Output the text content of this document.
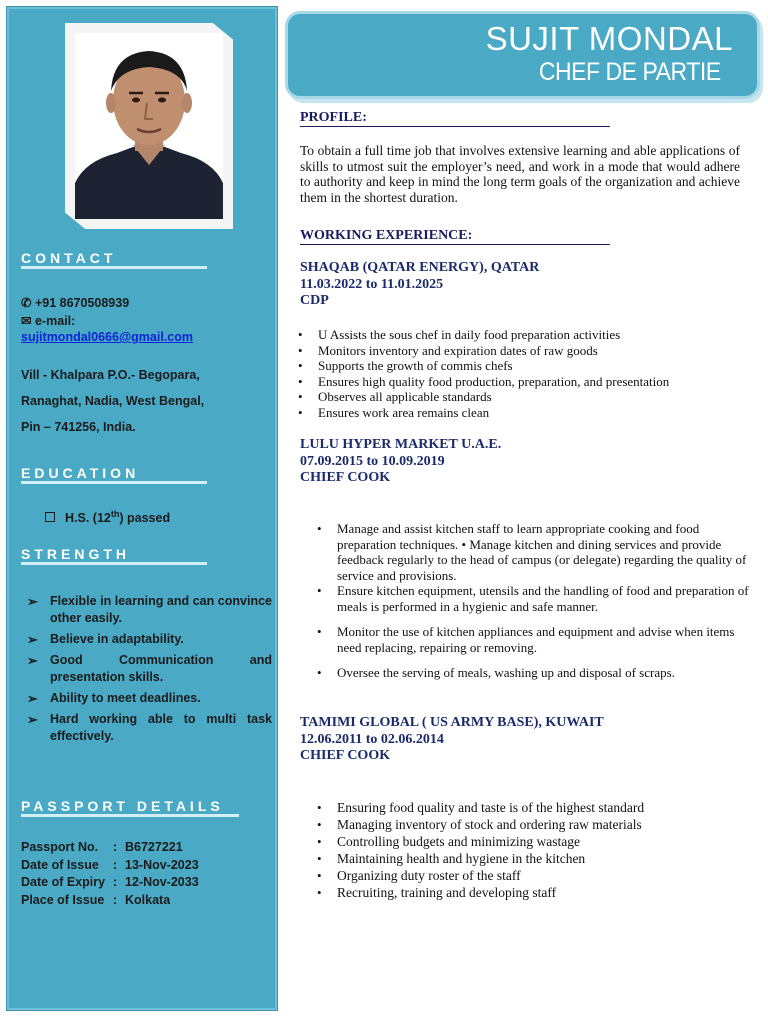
CONTACT
✆ +91 8670508939
✉ e-mail:
sujitmondal0666@gmail.com
Vill - Khalpara P.O.- Begopara,
Ranaghat, Nadia, West Bengal,
Pin – 741256, India.
EDUCATION
H.S. (12th) passed
STRENGTH
➢ Flexible in learning and can convince other easily.
➢ Believe in adaptability.
➢ Good Communication and presentation skills.
➢ Ability to meet deadlines.
➢ Hard working able to multi task effectively.
PASSPORT DETAILS
Passport No.	: B6727221
Date of Issue	: 13-Nov-2023
Date of Expiry : 12-Nov-2033
Place of Issue : Kolkata
SUJIT MONDAL
CHEF DE PARTIE
PROFILE:
To obtain a full time job that involves extensive learning and able applications of skills to utmost suit the employer’s need, and work in a mode that would adhere to authority and keep in mind the long term goals of the organization and achieve them in the shortest duration.
WORKING EXPERIENCE:
SHAQAB (QATAR ENERGY), QATAR
11.03.2022 to 11.01.2025
CDP
• U Assists the sous chef in daily food preparation activities
• Monitors inventory and expiration dates of raw goods
• Supports the growth of commis chefs
• Ensures high quality food production, preparation, and presentation
• Observes all applicable standards
• Ensures work area remains clean
LULU HYPER MARKET U.A.E.
07.09.2015 to 10.09.2019
CHIEF COOK
• Manage and assist kitchen staff to learn appropriate cooking and food preparation techniques. • Manage kitchen and dining services and provide feedback regularly to the head of campus (or delegate) regarding the quality of service and provisions.
• Ensure kitchen equipment, utensils and the handling of food and preparation of meals is performed in a hygienic and safe manner.
• Monitor the use of kitchen appliances and equipment and advise when items need replacing, repairing or removing.
• Oversee the serving of meals, washing up and disposal of scraps.
TAMIMI GLOBAL ( US ARMY BASE), KUWAIT
12.06.2011 to 02.06.2014
CHIEF COOK
• Ensuring food quality and taste is of the highest standard
• Managing inventory of stock and ordering raw materials
• Controlling budgets and minimizing wastage
• Maintaining health and hygiene in the kitchen
• Organizing duty roster of the staff
• Recruiting, training and developing staff
